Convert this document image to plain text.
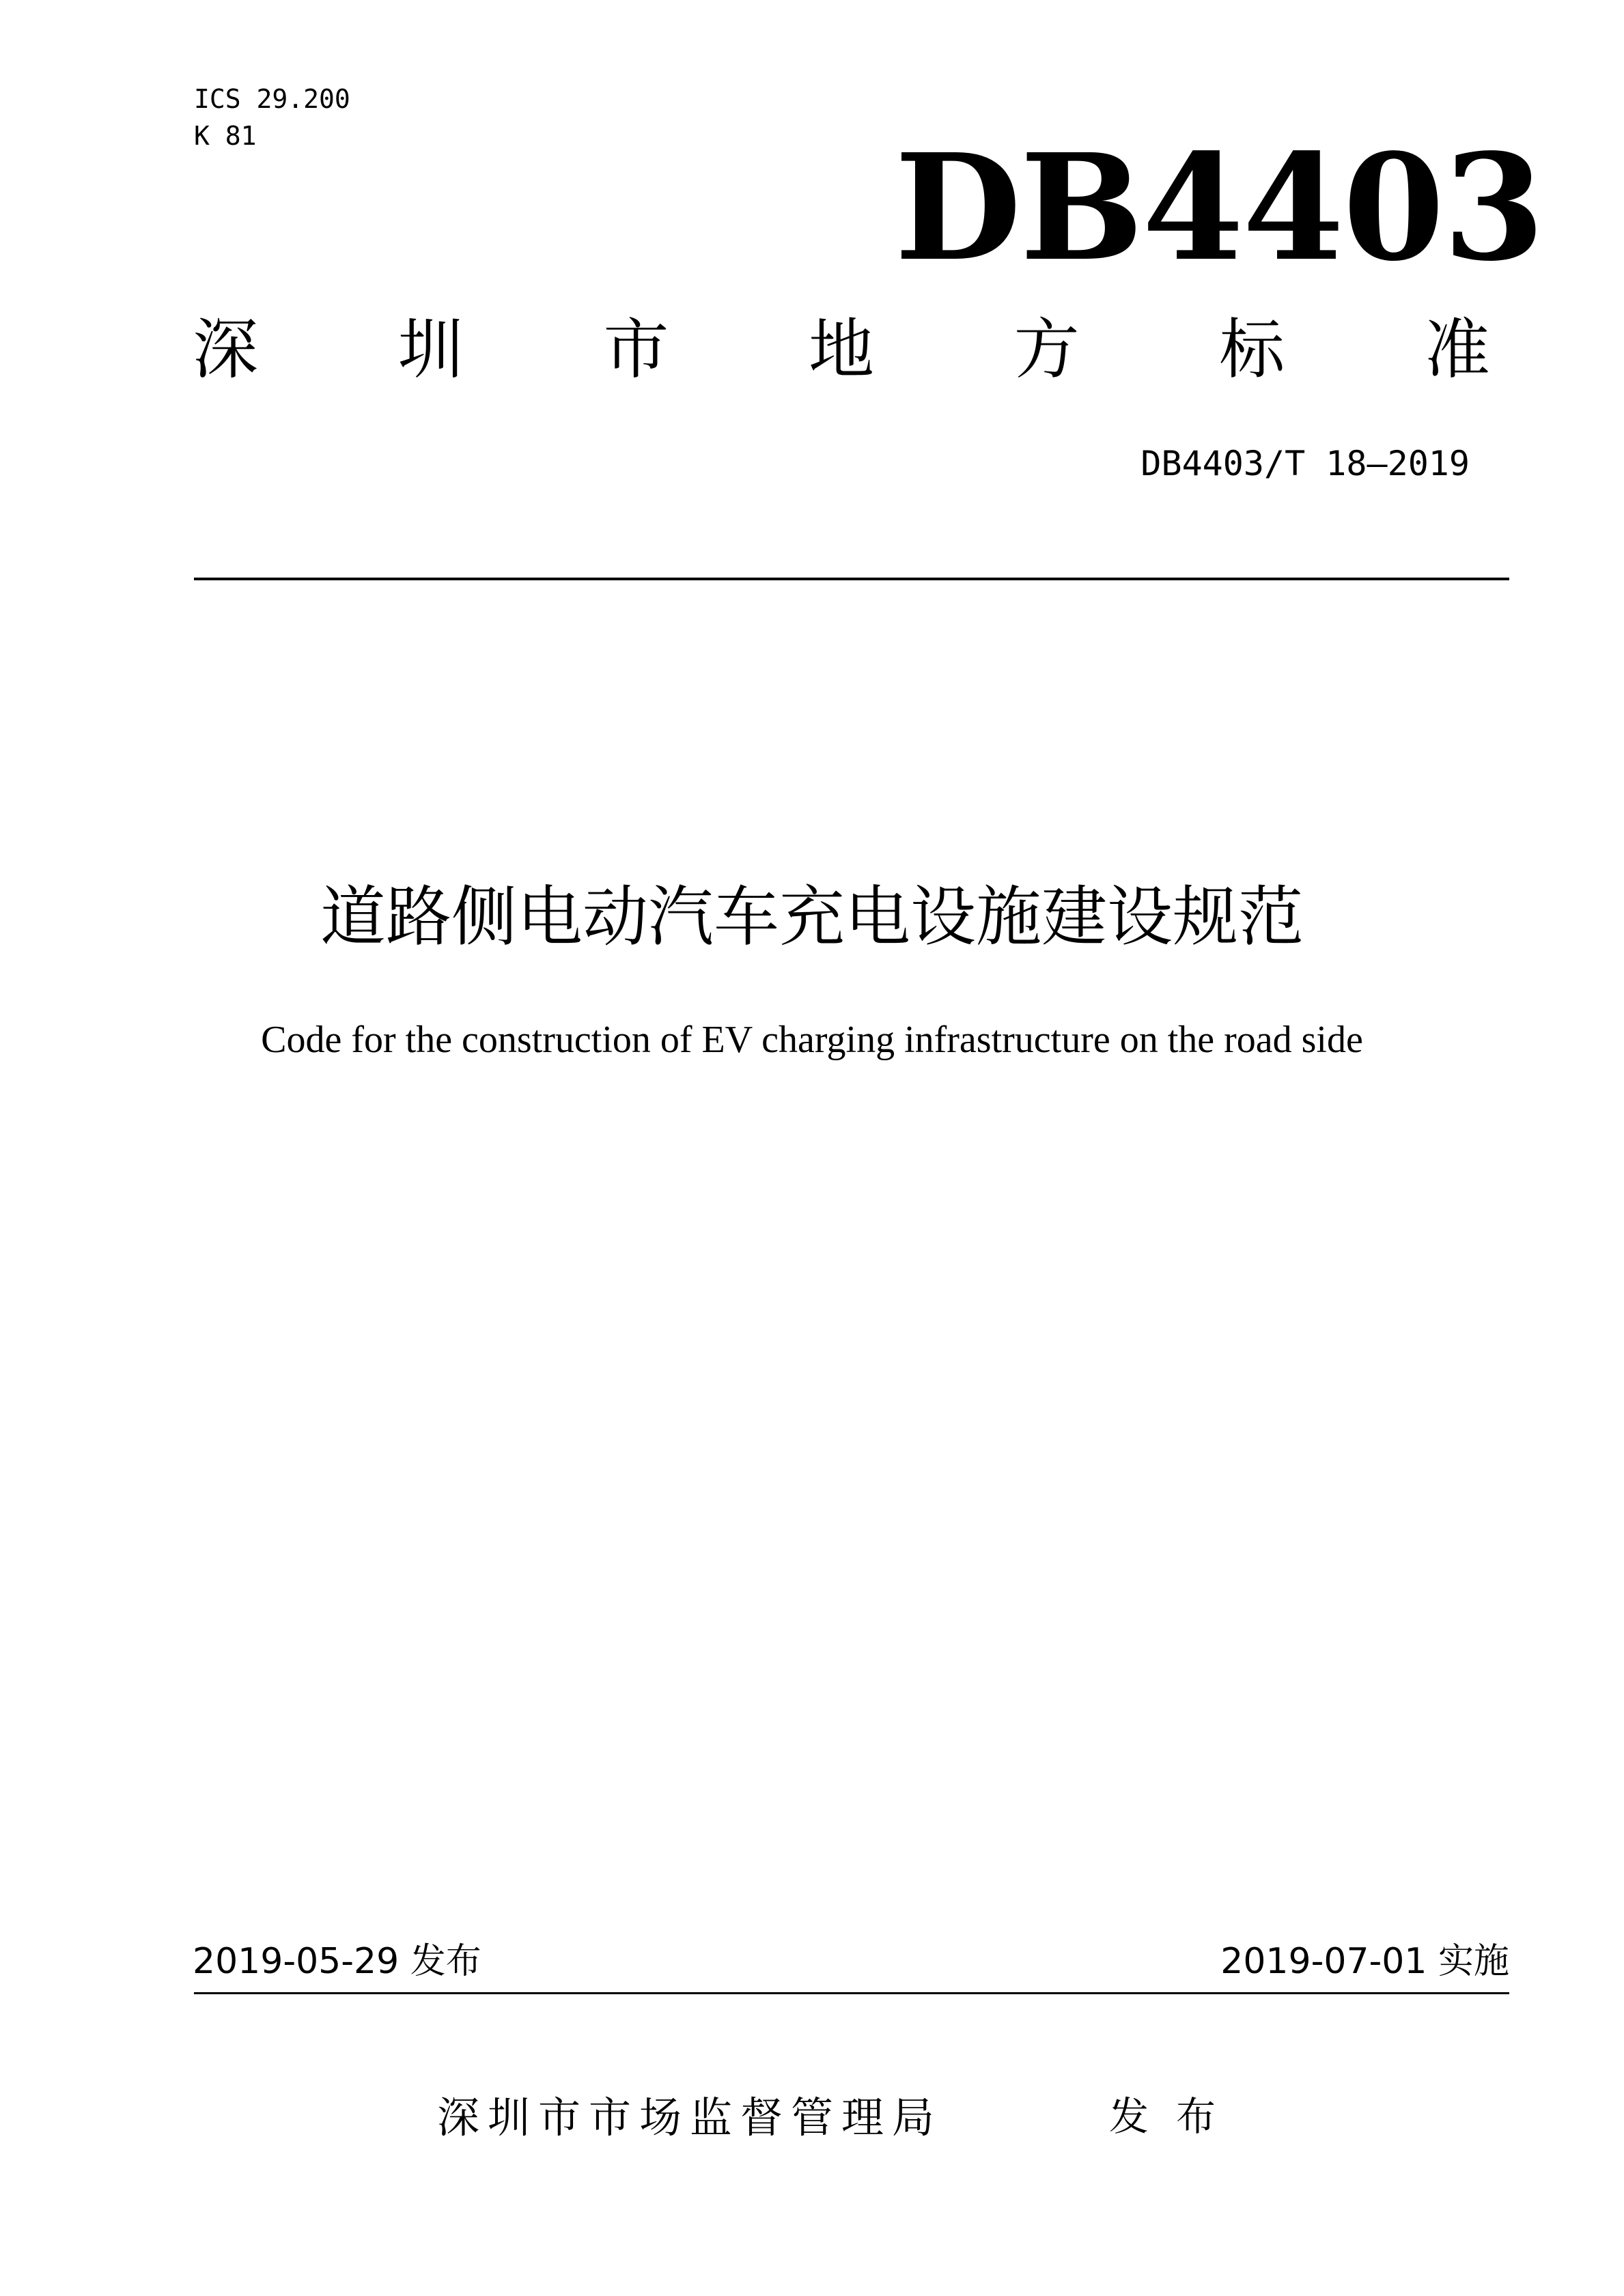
ICS 29.200
K 81	DB4403
深 圳 市 地 方 标 准
DB4403/T 18—2019
道路侧电动汽车充电设施建设规范
Code for the construction of EV charging infrastructure on the road side
2019-05-29 发布	2019-07-01 实施
深圳市市场监督管理局	发布
